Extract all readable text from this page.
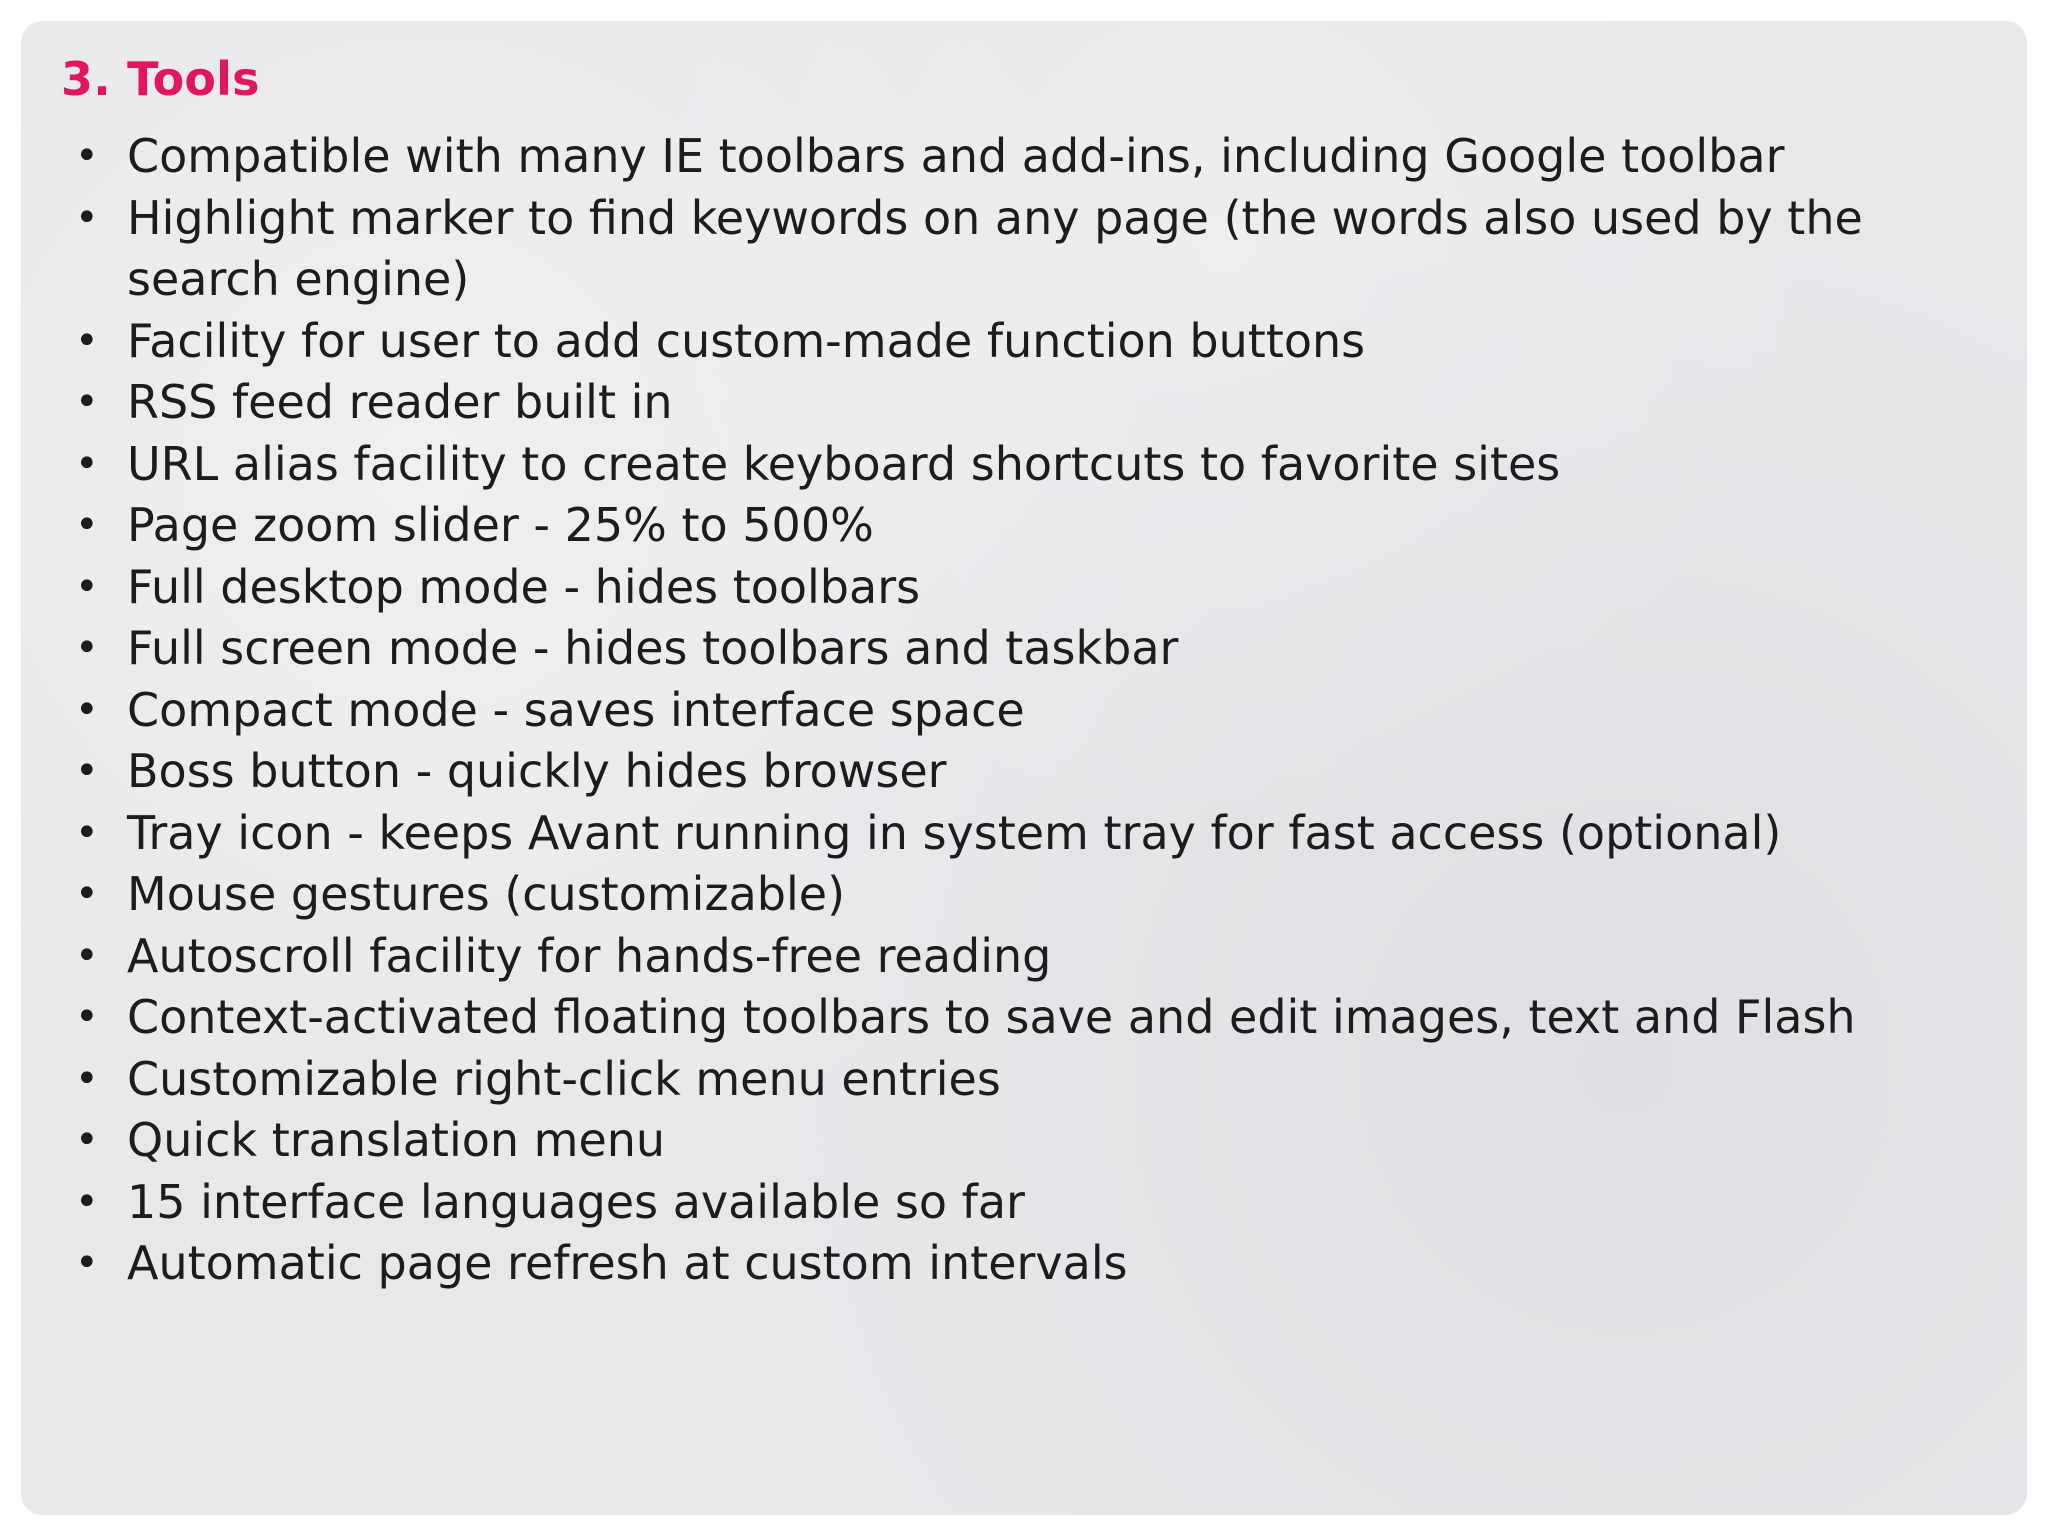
3. Tools
• Compatible with many IE toolbars and add-ins, including Google toolbar
• Highlight marker to find keywords on any page (the words also used by the search engine)
• Facility for user to add custom-made function buttons
• RSS feed reader built in
• URL alias facility to create keyboard shortcuts to favorite sites
• Page zoom slider - 25% to 500%
• Full desktop mode - hides toolbars
• Full screen mode - hides toolbars and taskbar
• Compact mode - saves interface space
• Boss button - quickly hides browser
• Tray icon - keeps Avant running in system tray for fast access (optional)
• Mouse gestures (customizable)
• Autoscroll facility for hands-free reading
• Context-activated floating toolbars to save and edit images, text and Flash
• Customizable right-click menu entries
• Quick translation menu
• 15 interface languages available so far
• Automatic page refresh at custom intervals
